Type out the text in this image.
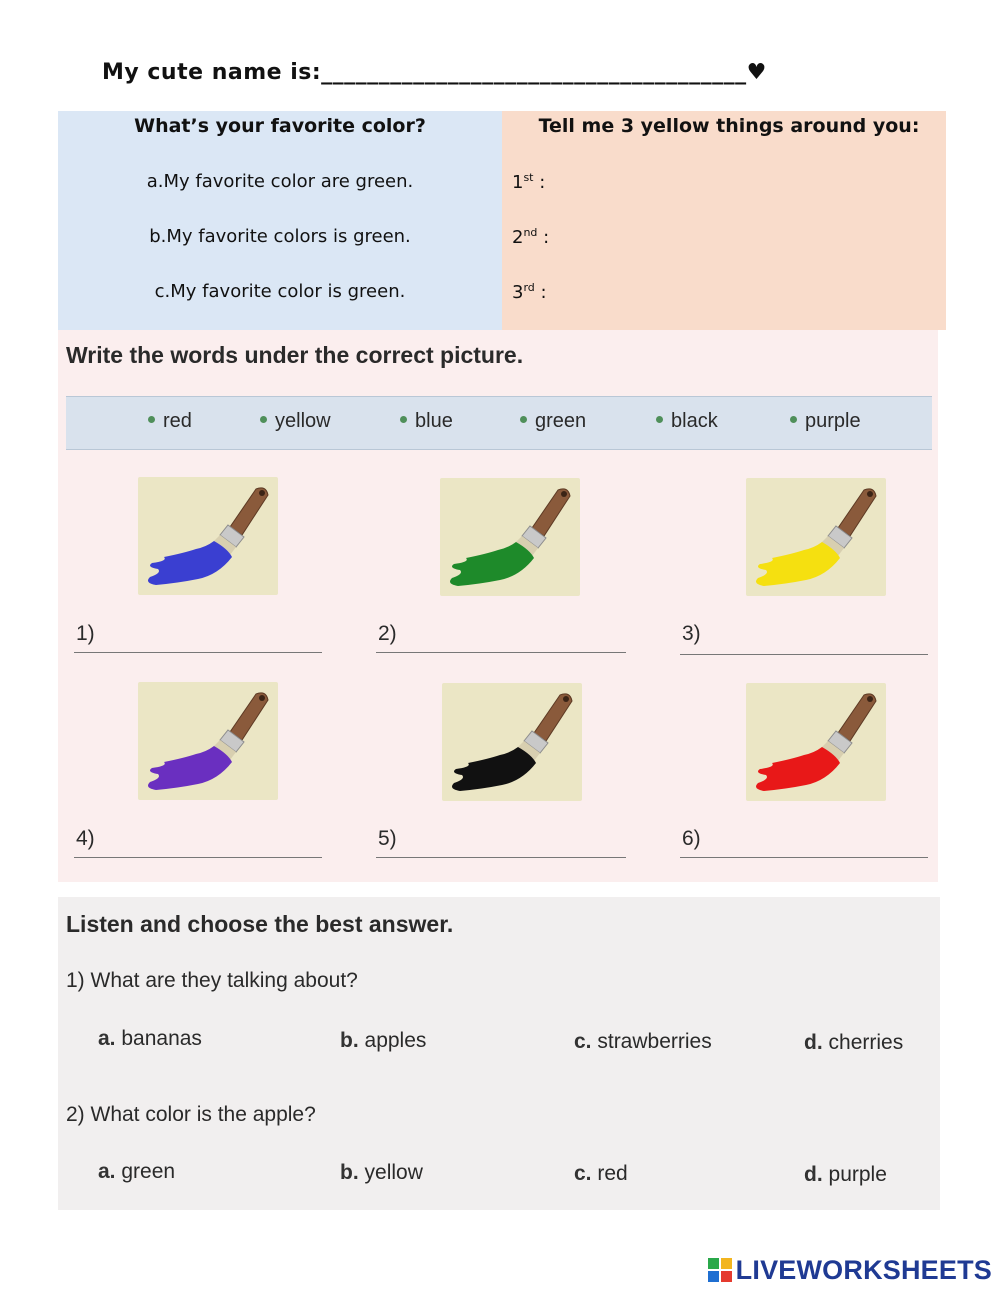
My cute name is:_____________________________________♥
What’s your favorite color?
a.My favorite color are green.
b.My favorite colors is green.
c.My favorite color is green.
Tell me 3 yellow things around you:
1st :
2nd :
3rd :
Write the words under the correct picture.
red	yellow	blue	green	black	purple
1)	2)	3)
4)	5)	6)
Listen and choose the best answer.
1) What are they talking about?
a. bananas	b. apples	c. strawberries	d. cherries
2) What color is the apple?
a. green	b. yellow	c. red	d. purple
LIVEWORKSHEETS
